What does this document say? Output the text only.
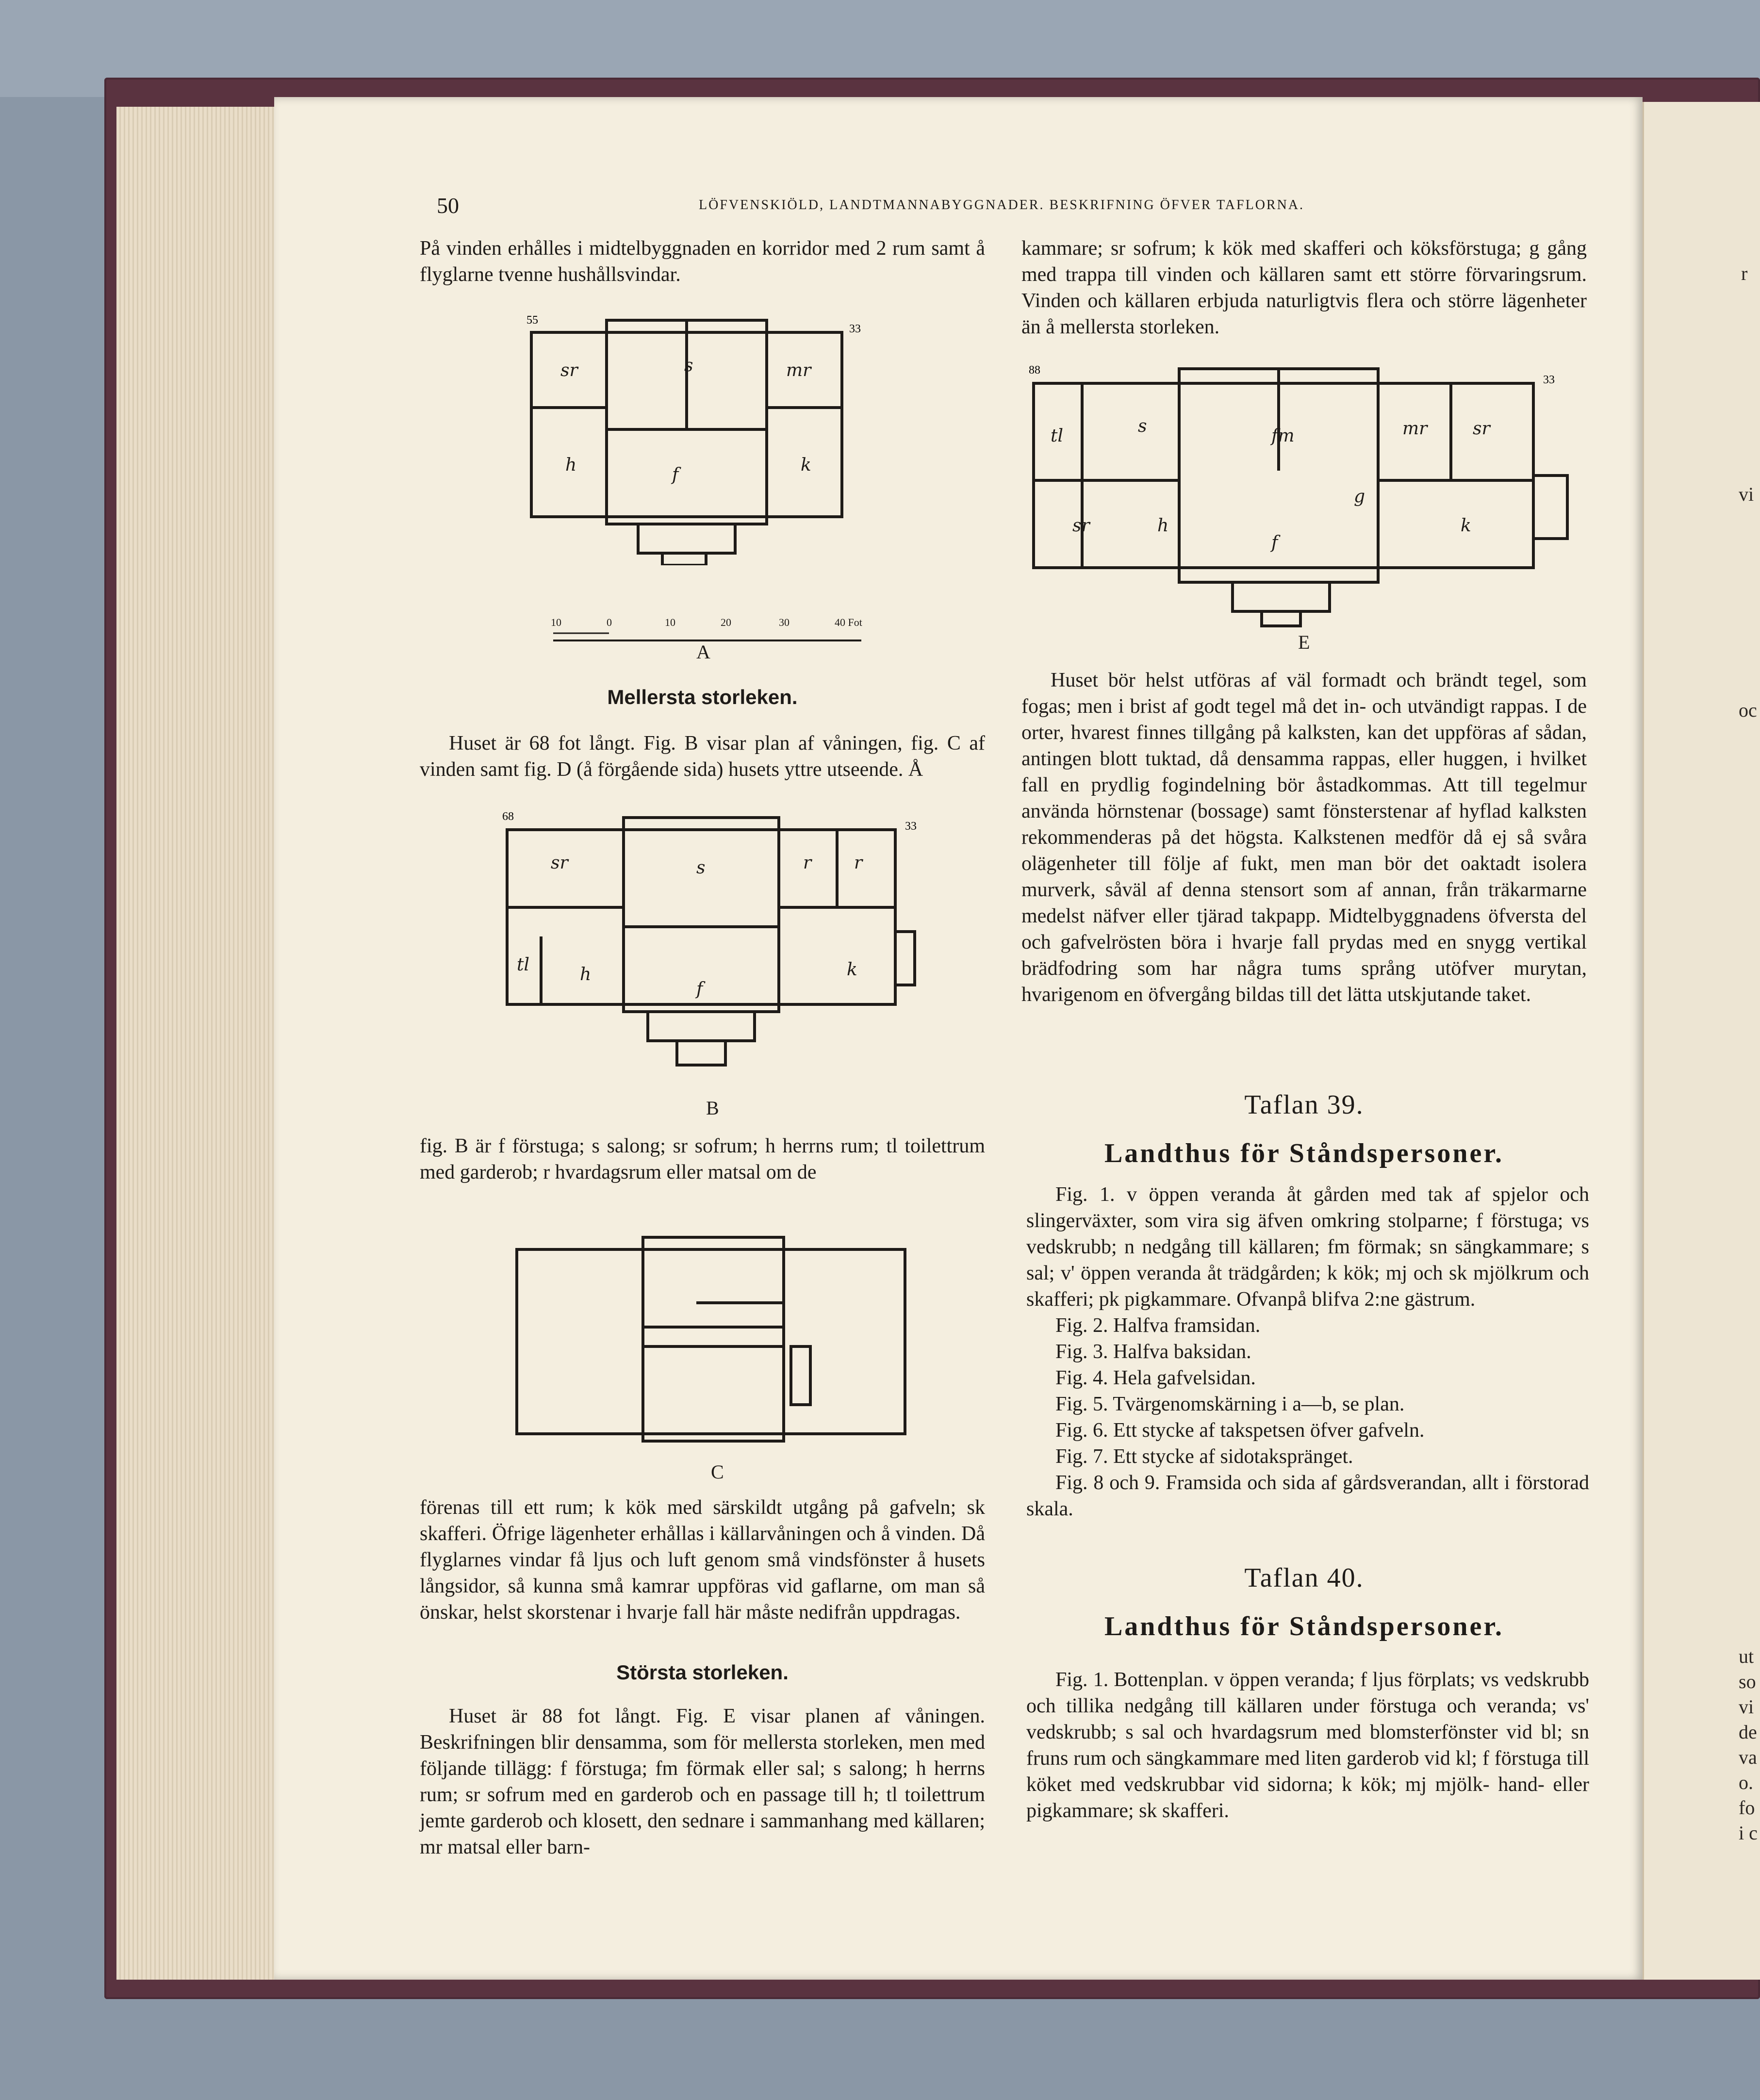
r
vi
oc
ut
so
vi
de
va
o.
fo
i c
50	LÖFVENSKIÖLD, LANDTMANNABYGGNADER. BESKRIFNING ÖFVER TAFLORNA.

På vinden erhålles i midtelbyggnaden en korridor med 2 rum samt å flyglarne tvenne hushållsvindar.

sr	s	mr
h	f	k
55
33
10	0	10	20	30	40 Fot
A
Mellersta storleken.

Huset är 68 fot långt. Fig. B visar plan af våningen, fig. C af vinden samt fig. D (å förgående sida) husets yttre utseende. Å

sr	s	r r
tl	h
f
k
68
33
B

fig. B är f förstuga; s salong; sr sofrum; h herrns rum; tl toilettrum med garderob; r hvardagsrum eller matsal om de

C

förenas till ett rum; k kök med särskildt utgång på gafveln; sk skafferi. Öfrige lägenheter erhållas i källarvåningen och å vinden. Då flyglarnes vindar få ljus och luft genom små vindsfönster å husets långsidor, så kunna små kamrar uppföras vid gaflarne, om man så önskar, helst skorstenar i hvarje fall här måste nedifrån uppdragas.

Största storleken.

Huset är 88 fot långt. Fig. E visar planen af våningen. Beskrifningen blir densamma, som för mellersta storleken, men med följande tillägg: f förstuga; fm förmak eller sal; s salong; h herrns rum; sr sofrum med en garderob och en passage till h; tl toilettrum jemte garderob och klosett, den sednare i sammanhang med källaren; mr matsal eller barn-

kammare; sr sofrum; k kök med skafferi och köksförstuga; g gång med trappa till vinden och källaren samt ett större förvaringsrum. Vinden och källaren erbjuda naturligtvis flera och större lägenheter än å mellersta storleken.

tl	s	fm	mr	sr
sr	h
g
f
k
88
33
E

Huset bör helst utföras af väl formadt och brändt tegel, som fogas; men i brist af godt tegel må det in- och utvändigt rappas. I de orter, hvarest finnes tillgång på kalksten, kan det uppföras af sådan, antingen blott tuktad, då densamma rappas, eller huggen, i hvilket fall en prydlig fogindelning bör åstadkommas. Att till tegelmur använda hörnstenar (bossage) samt fönsterstenar af hyflad kalksten rekommenderas på det högsta. Kalkstenen medför då ej så svåra olägenheter till följe af fukt, men man bör det oaktadt isolera murverk, såväl af denna stensort som af annan, från träkarmarne medelst näfver eller tjärad takpapp. Midtelbyggnadens öfversta del och gafvelrösten böra i hvarje fall prydas med en snygg vertikal brädfodring som har några tums språng utöfver murytan, hvarigenom en öfvergång bildas till det lätta utskjutande taket.

Taflan 39.
Landthus för Ståndspersoner.

Fig. 1. v öppen veranda åt gården med tak af spjelor och slingerväxter, som vira sig äfven omkring stolparne; f förstuga; vs vedskrubb; n nedgång till källaren; fm förmak; sn sängkammare; s sal; v' öppen veranda åt trädgården; k kök; mj och sk mjölkrum och skafferi; pk pigkammare. Ofvanpå blifva 2:ne gästrum.

Fig. 2. Halfva framsidan.

Fig. 3. Halfva baksidan.

Fig. 4. Hela gafvelsidan.

Fig. 5. Tvärgenomskärning i a—b, se plan.

Fig. 6. Ett stycke af takspetsen öfver gafveln.

Fig. 7. Ett stycke af sidotakspränget.

Fig. 8 och 9. Framsida och sida af gårdsverandan, allt i förstorad skala.

Taflan 40.
Landthus för Ståndspersoner.

Fig. 1. Bottenplan. v öppen veranda; f ljus förplats; vs vedskrubb och tillika nedgång till källaren under förstuga och veranda; vs' vedskrubb; s sal och hvardagsrum med blomsterfönster vid bl; sn fruns rum och sängkammare med liten garderob vid kl; f förstuga till köket med vedskrubbar vid sidorna; k kök; mj mjölk- hand- eller pigkammare; sk skafferi.
